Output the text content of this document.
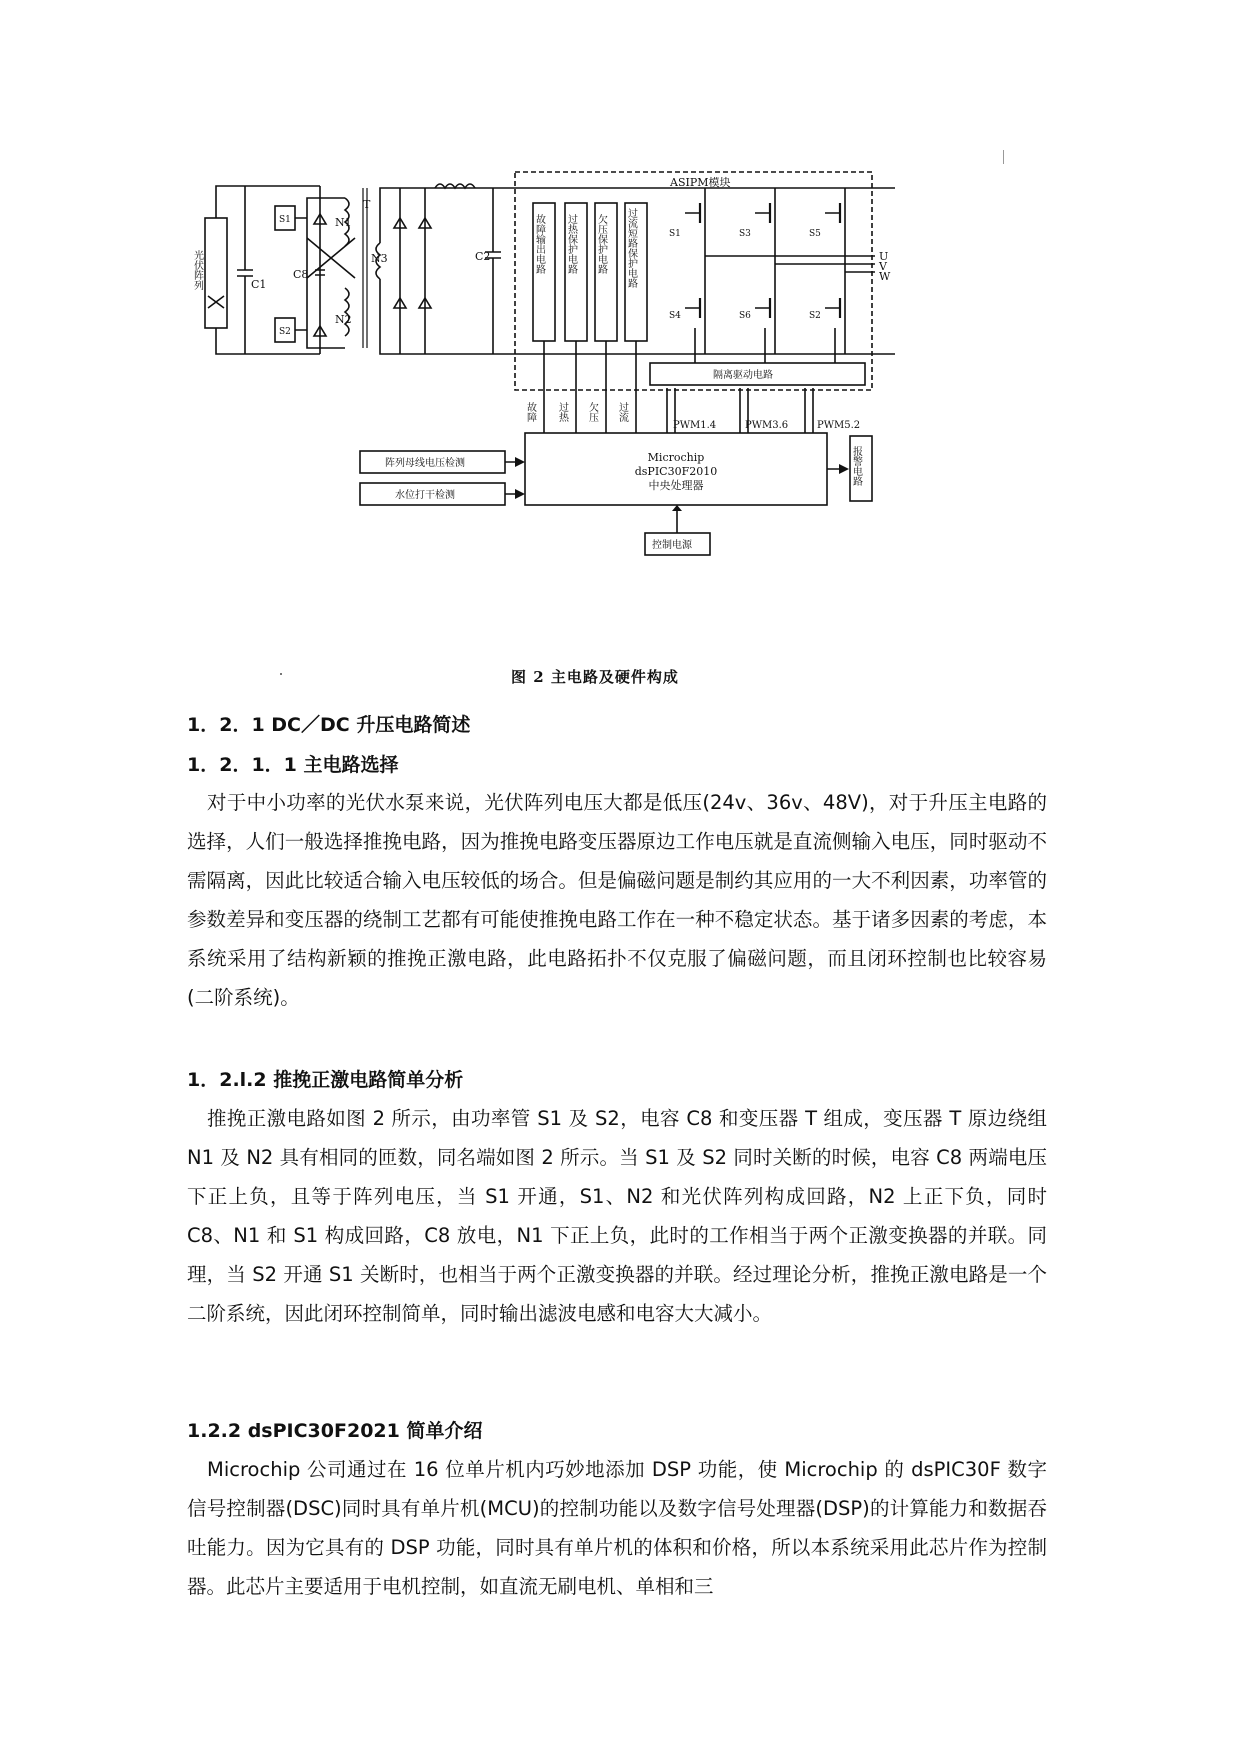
光伏阵列	C1
S1
S2
N1
N2
N3
C8
T
C2
ASIPM模块
故障输出电路 过热保护电路 欠压保护电路 过流短路保护电路	S1	S3	S5
S4	S6	S2
U
V
W
隔离驱动电路
故障 过热 欠压 过流
PWM1.4	PWM3.6	PWM5.2
Microchip
dsPIC30F2010
中央处理器
阵列母线电压检测
水位打干检测
报警电路
控制电源
图 2 主电路及硬件构成
1．2．1 DC／DC 升压电路简述
1．2．1．1 主电路选择

对于中小功率的光伏水泵来说，光伏阵列电压大都是低压(24v、36v、48V)，对于升压主电路的选择，人们一般选择推挽电路，因为推挽电路变压器原边工作电压就是直流侧输入电压，同时驱动不需隔离，因此比较适合输入电压较低的场合。但是偏磁问题是制约其应用的一大不利因素，功率管的参数差异和变压器的绕制工艺都有可能使推挽电路工作在一种不稳定状态。基于诸多因素的考虑，本系统采用了结构新颖的推挽正激电路，此电路拓扑不仅克服了偏磁问题，而且闭环控制也比较容易(二阶系统)。

1．2.l.2 推挽正激电路简单分析

推挽正激电路如图 2 所示，由功率管 S1 及 S2，电容 C8 和变压器 T 组成，变压器 T 原边绕组 N1 及 N2 具有相同的匝数，同名端如图 2 所示。当 S1 及 S2 同时关断的时候，电容 C8 两端电压下正上负，且等于阵列电压，当 S1 开通，S1、N2 和光伏阵列构成回路，N2 上正下负，同时 C8、N1 和 S1 构成回路，C8 放电，N1 下正上负，此时的工作相当于两个正激变换器的并联。同理，当 S2 开通 S1 关断时，也相当于两个正激变换器的并联。经过理论分析，推挽正激电路是一个二阶系统，因此闭环控制简单，同时输出滤波电感和电容大大减小。

1.2.2 dsPIC30F2021 简单介绍

Microchip 公司通过在 16 位单片机内巧妙地添加 DSP 功能，使 Microchip 的 dsPIC30F 数字信号控制器(DSC)同时具有单片机(MCU)的控制功能以及数字信号处理器(DSP)的计算能力和数据吞吐能力。因为它具有的 DSP 功能，同时具有单片机的体积和价格，所以本系统采用此芯片作为控制器。此芯片主要适用于电机控制，如直流无刷电机、单相和三
